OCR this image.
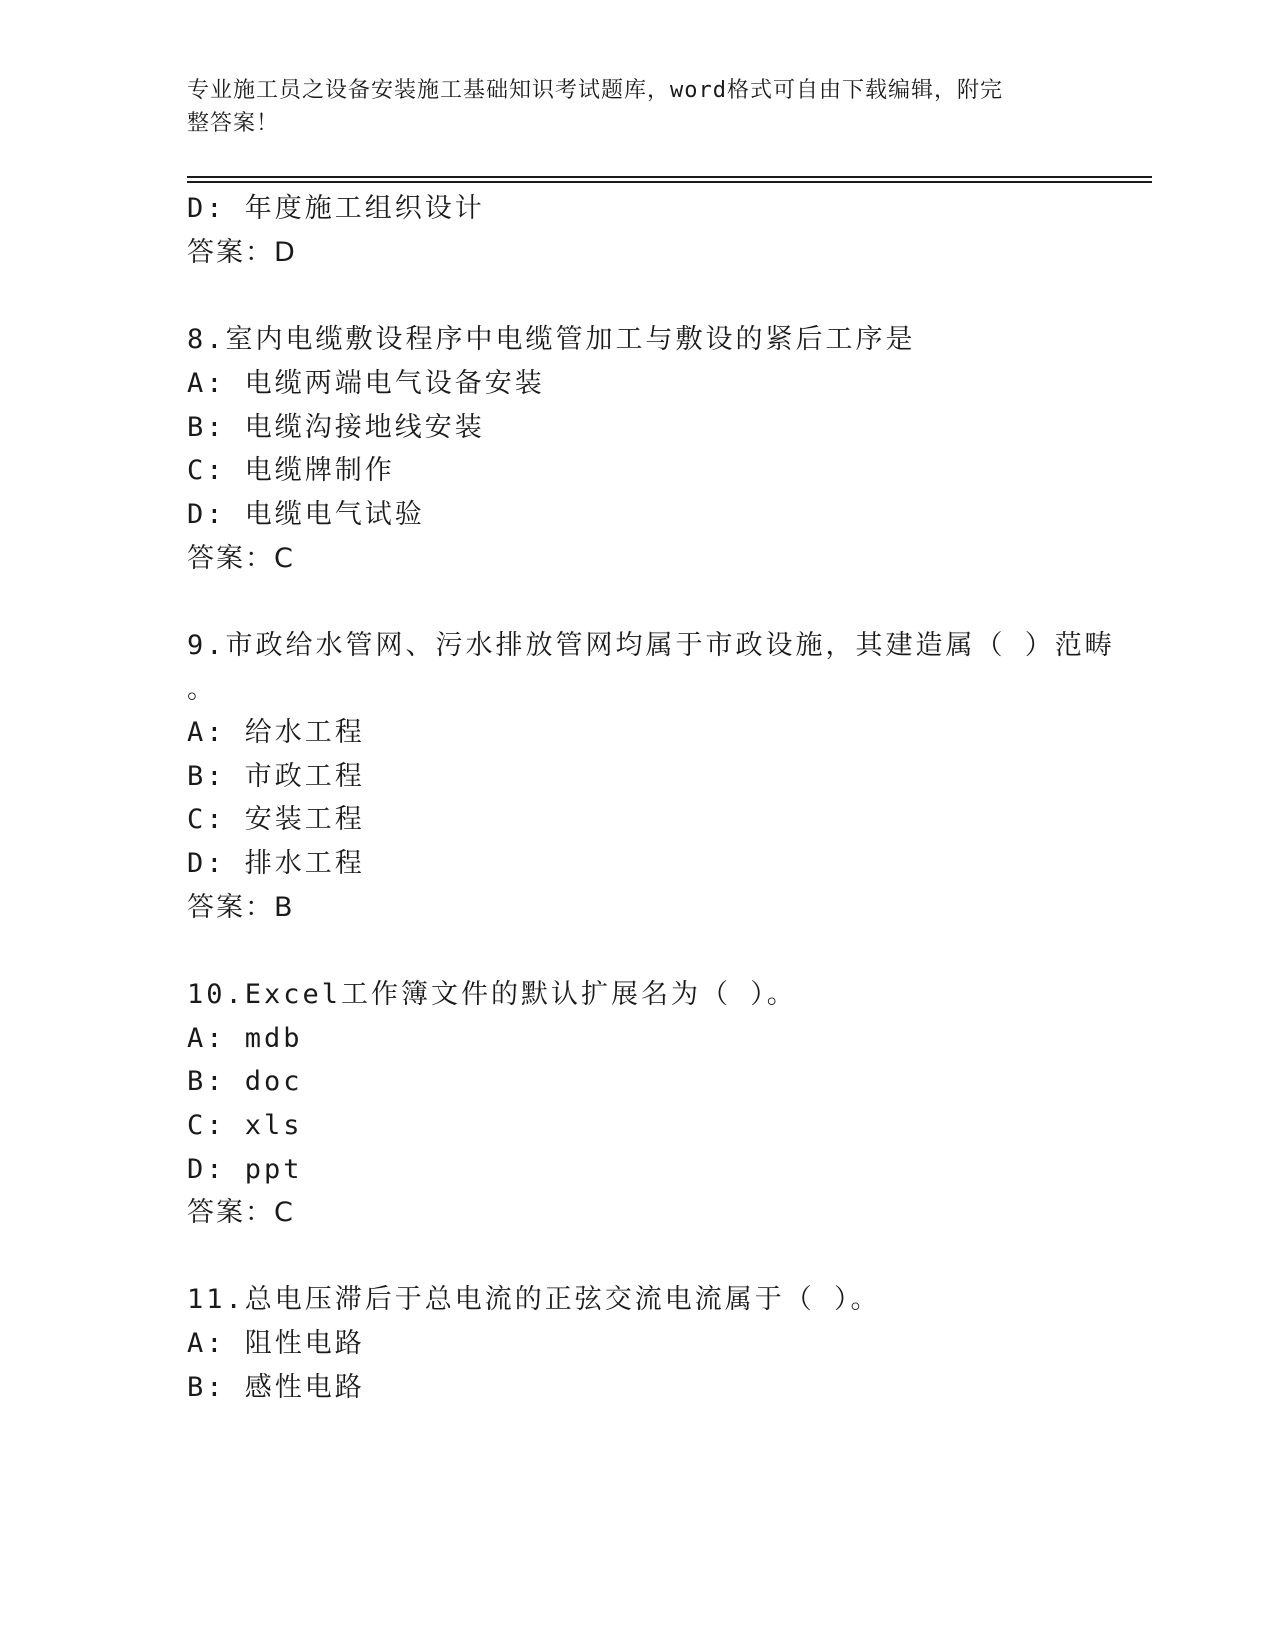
专业施工员之设备安装施工基础知识考试题库，word格式可自由下载编辑，附完
整答案！
D: 年度施工组织设计
答案：D
8.室内电缆敷设程序中电缆管加工与敷设的紧后工序是
A: 电缆两端电气设备安装
B: 电缆沟接地线安装
C: 电缆牌制作
D: 电缆电气试验
答案：C
9.市政给水管网、污水排放管网均属于市政设施，其建造属（ ）范畴
。
A: 给水工程
B: 市政工程
C: 安装工程
D: 排水工程
答案：B
10.Excel工作簿文件的默认扩展名为（ ）。
A: mdb
B: doc
C: xls
D: ppt
答案：C
11.总电压滞后于总电流的正弦交流电流属于（ ）。
A: 阻性电路
B: 感性电路
